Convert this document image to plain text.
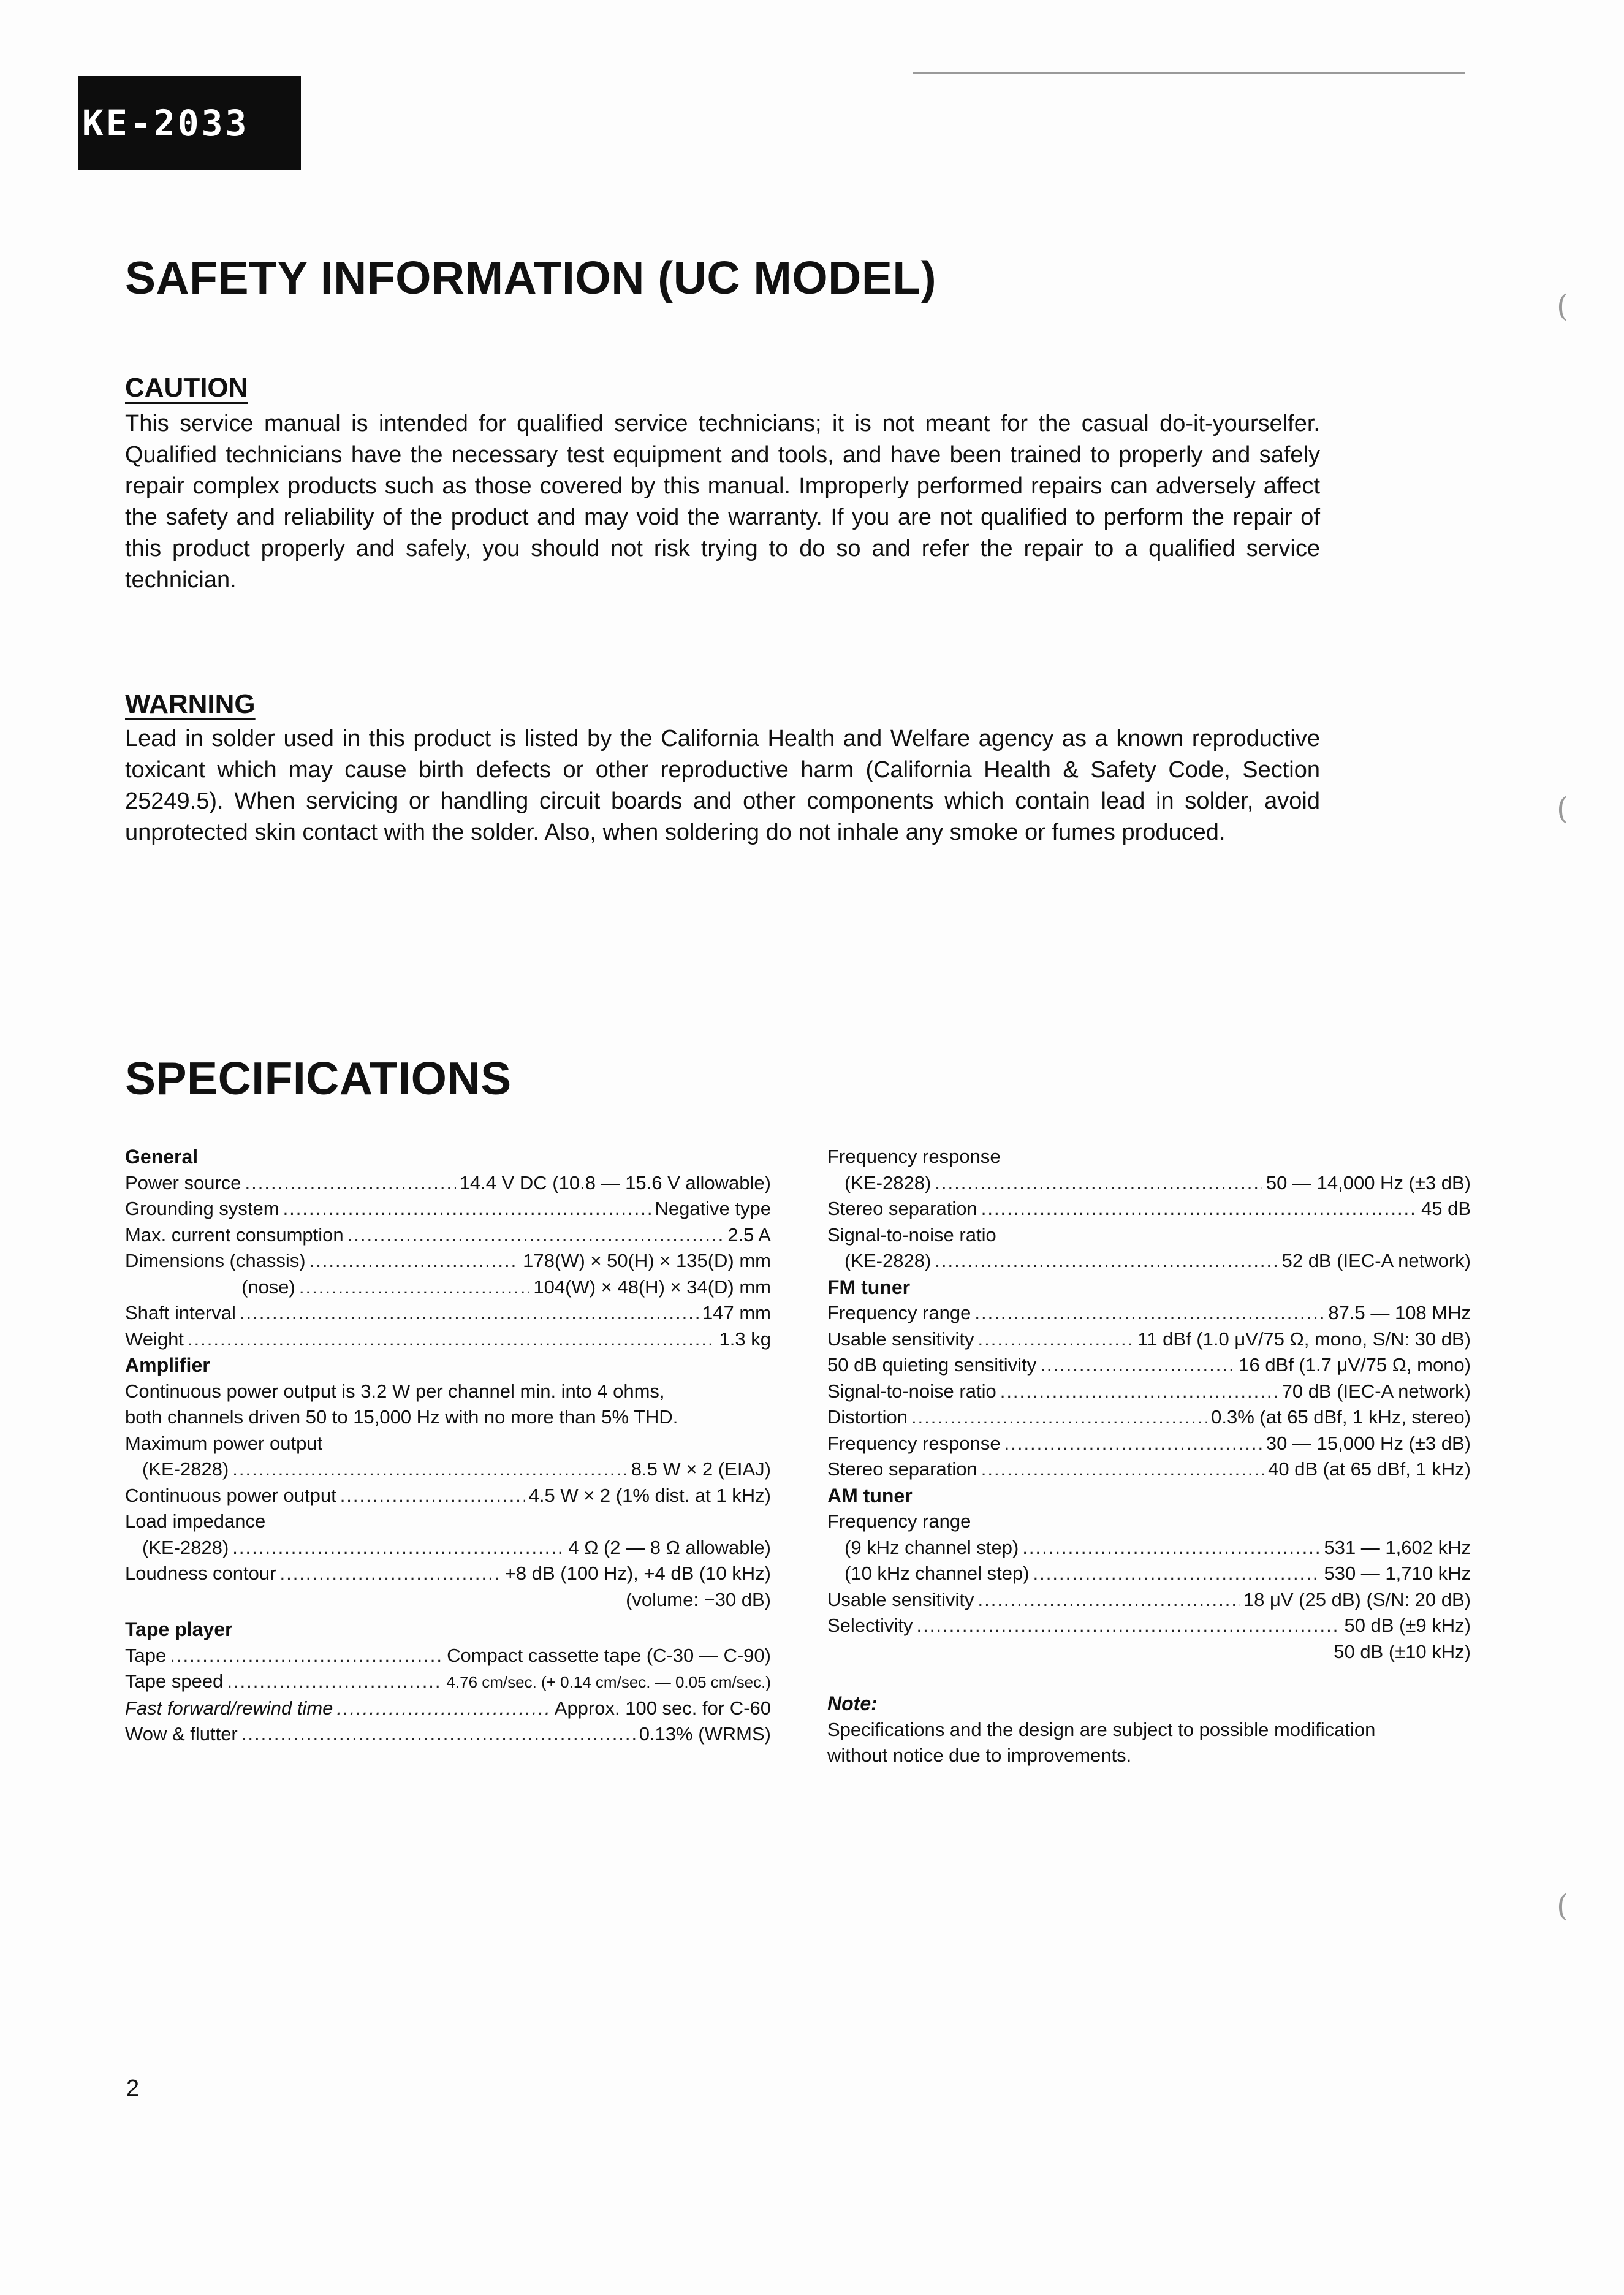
KE-2033
SAFETY INFORMATION (UC MODEL)
CAUTION

This service manual is intended for qualified service technicians; it is not meant for the casual do-it-yourselfer. Qualified technicians have the necessary test equipment and tools, and have been trained to properly and safely repair complex products such as those covered by this manual. Improperly performed repairs can adversely affect the safety and reliability of the product and may void the warranty. If you are not qualified to perform the repair of this product properly and safely, you should not risk trying to do so and refer the repair to a qualified service technician.

WARNING

Lead in solder used in this product is listed by the California Health and Welfare agency as a known reproductive toxicant which may cause birth defects or other reproductive harm (California Health & Safety Code, Section 25249.5). When servicing or handling circuit boards and other components which contain lead in solder, avoid unprotected skin contact with the solder. Also, when soldering do not inhale any smoke or fumes produced.

SPECIFICATIONS
General
Power source .....	14.4 V DC (10.8 — 15.6 V allowable)
Grounding system .....	Negative type
Max. current consumption .....	2.5 A
Dimensions (chassis) .....	178(W) × 50(H) × 135(D) mm
(nose) .....	104(W) × 48(H) × 34(D) mm
Shaft interval .....	147 mm
Weight .....	1.3 kg
Amplifier
Continuous power output is 3.2 W per channel min. into 4 ohms,
both channels driven 50 to 15,000 Hz with no more than 5% THD.
Maximum power output
(KE-2828) .....	8.5 W × 2 (EIAJ)
Continuous power output .....	4.5 W × 2 (1% dist. at 1 kHz)
Load impedance
(KE-2828) .....	4 Ω (2 — 8 Ω allowable)
Loudness contour .....	+8 dB (100 Hz), +4 dB (10 kHz)
(volume: −30 dB)
Tape player
Tape .....	Compact cassette tape (C-30 — C-90)
Tape speed .....	4.76 cm/sec. (+ 0.14 cm/sec. — 0.05 cm/sec.)
Fast forward/rewind time .....	Approx. 100 sec. for C-60
Wow & flutter .....	0.13% (WRMS)
Frequency response
(KE-2828) .....	50 — 14,000 Hz (±3 dB)
Stereo separation .....	45 dB
Signal-to-noise ratio
(KE-2828) .....	52 dB (IEC-A network)
FM tuner
Frequency range .....	87.5 — 108 MHz
Usable sensitivity .....	11 dBf (1.0 μV/75 Ω, mono, S/N: 30 dB)
50 dB quieting sensitivity .....	16 dBf (1.7 μV/75 Ω, mono)
Signal-to-noise ratio .....	70 dB (IEC-A network)
Distortion .....	0.3% (at 65 dBf, 1 kHz, stereo)
Frequency response .....	30 — 15,000 Hz (±3 dB)
Stereo separation .....	40 dB (at 65 dBf, 1 kHz)
AM tuner
Frequency range
(9 kHz channel step) .....	531 — 1,602 kHz
(10 kHz channel step) .....	530 — 1,710 kHz
Usable sensitivity .....	18 μV (25 dB) (S/N: 20 dB)
Selectivity .....	50 dB (±9 kHz)
50 dB (±10 kHz)
Note:
Specifications and the design are subject to possible modification
without notice due to improvements.
2
(
(
(
